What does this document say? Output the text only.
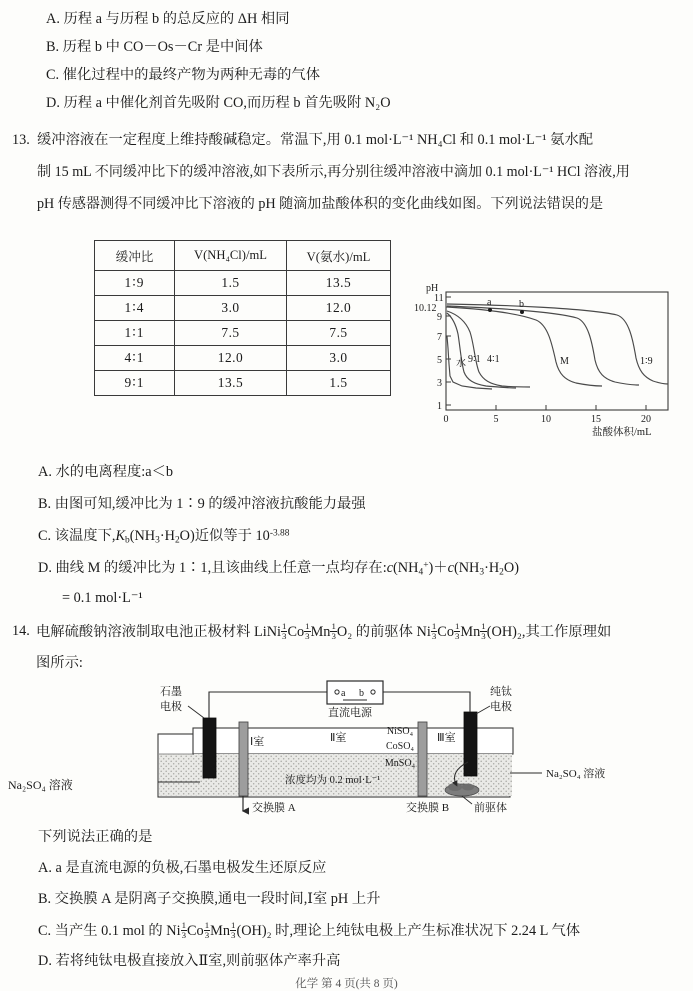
A. 历程 a 与历程 b 的总反应的 ΔH 相同
B. 历程 b 中 CO－Os－Cr 是中间体
C. 催化过程中的最终产物为两种无毒的气体
D. 历程 a 中催化剂首先吸附 CO,而历程 b 首先吸附 N₂O
13. 缓冲溶液在一定程度上维持酸碱稳定。常温下,用 0.1 mol·L⁻¹ NH₄Cl 和 0.1 mol·L⁻¹ 氨水配
制 15 mL 不同缓冲比下的缓冲溶液,如下表所示,再分别往缓冲溶液中滴加 0.1 mol·L⁻¹ HCl 溶液,用
pH 传感器测得不同缓冲比下溶液的 pH 随滴加盐酸体积的变化曲线如图。下列说法错误的是
缓冲比	V(NH₄Cl)/mL	V(氨水)/mL
1∶9	1.5	13.5
1∶4	3.0	12.0
1∶1	7.5	7.5
4∶1	12.0	3.0
9∶1	13.5	1.5
pH
11
10.12
9
7
5
3
1
0	5	10	15	20
盐酸体积/mL
a	b
水 9∶1 4∶1	M	1∶9
A. 水的电离程度:a＜b
B. 由图可知,缓冲比为 1∶9 的缓冲溶液抗酸能力最强
C. 该温度下$,K_b(NH_3\cdot H_2O)$近似等于 $10^{-3.88}$
D. 曲线 M 的缓冲比为 1∶1,且该曲线上任意一点均存在$:c(NH_4^+)+c(NH_3\cdot H_2O)$
= 0.1 mol·L⁻¹
14. 电解硫酸钠溶液制取电池正极材料 LiNi $\frac{1}{3}$ Co $\frac{1}{3}$ Mn $\frac{1}{3} O_2$ 的前驱体 Ni $\frac{1}{3}$ Co $\frac{1}{3}$ Mn $\frac{1}{3} (OH)_2$,其工作原理如
图所示:
a b
直流电源
石墨
电极
纯钛
电极
Ⅰ室	Ⅱ室	Ⅲ室
NiSO₄
CoSO₄
MnSO₄
浓度均为 0.2 mol·L⁻¹
Na₂SO₄ 溶液
交换膜 A	交换膜 B 前驱体
Na₂SO₄ 溶液
下列说法正确的是
A. a 是直流电源的负极,石墨电极发生还原反应
B. 交换膜 A 是阴离子交换膜,通电一段时间,Ⅰ室 pH 上升
C. 当产生 0.1 mol 的 Ni $\frac{1}{3}$ Co $\frac{1}{3}$ Mn $\frac{1}{3} (OH)_2$ 时,理论上纯钛电极上产生标准状况下 2.24 L 气体
D. 若将纯钛电极直接放入Ⅱ室,则前驱体产率升高
化学 第 4 页(共 8 页)
